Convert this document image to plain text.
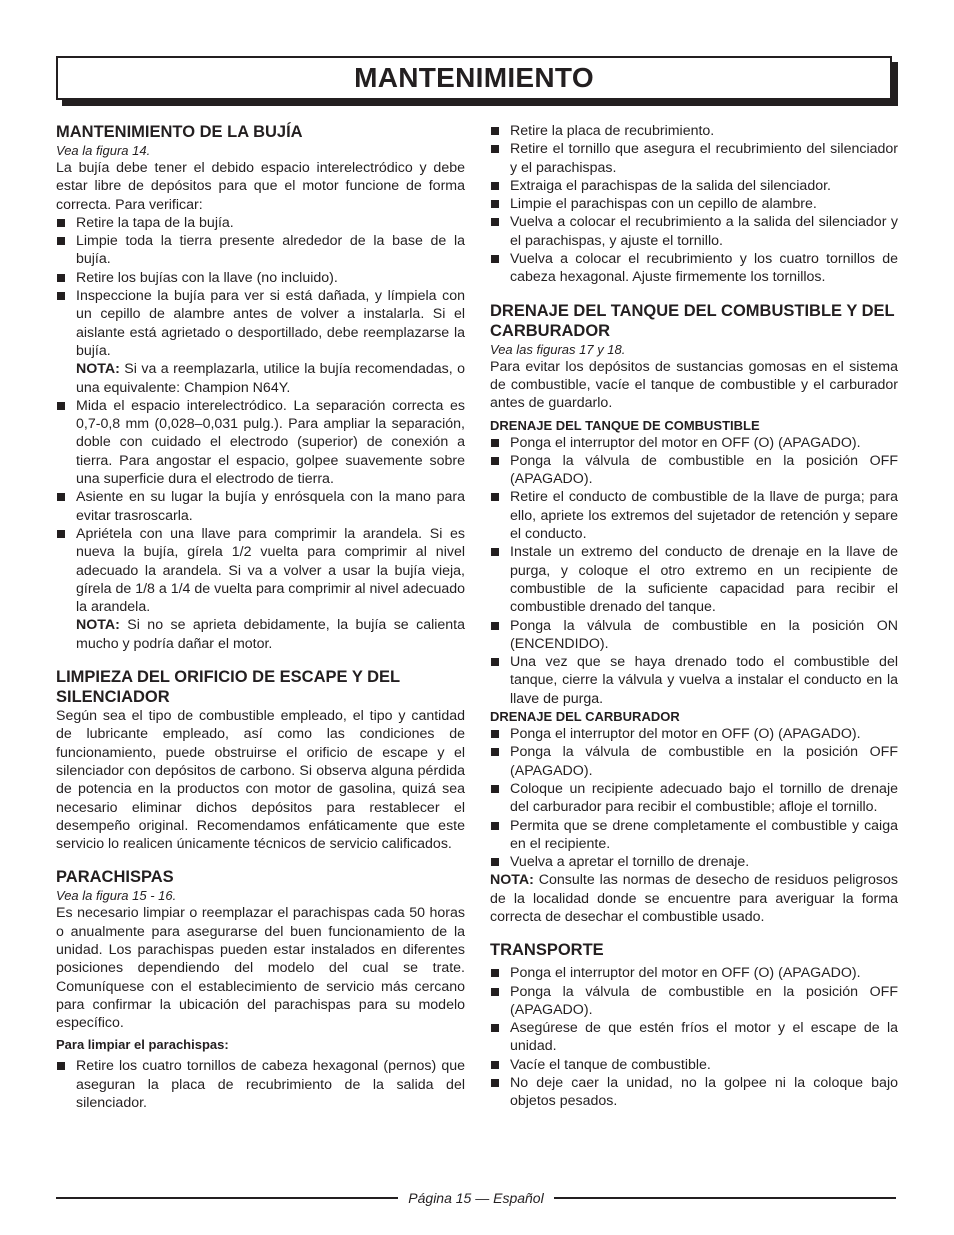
MANTENIMIENTO
MANTENIMIENTO DE LA BUJÍA
Vea la figura 14.

La bujía debe tener el debido espacio interelectródico y debe estar libre de depósitos para que el motor funcione de forma correcta. Para verificar:

Retire la tapa de la bujía.
Limpie toda la tierra presente alrededor de la base de la bujía.
Retire los bujías con la llave (no incluido).
Inspeccione la bujía para ver si está dañada, y límpiela con un cepillo de alambre antes de volver a instalarla. Si el aislante está agrietado o desportillado, debe reemplazarse la bujía.
NOTA: Si va a reemplazarla, utilice la bujía recomendadas, o una equivalente: Champion N64Y.
Mida el espacio interelectródico. La separación correcta es 0,7-0,8 mm (0,028–0,031 pulg.). Para ampliar la separación, doble con cuidado el electrodo (superior) de conexión a tierra. Para angostar el espacio, golpee suavemente sobre una superficie dura el electrodo de tierra.
Asiente en su lugar la bujía y enrósquela con la mano para evitar trasroscarla.
Apriétela con una llave para comprimir la arandela. Si es nueva la bujía, gírela 1/2 vuelta para comprimir al nivel adecuado la arandela. Si va a volver a usar la bujía vieja, gírela de 1/8 a 1/4 de vuelta para comprimir al nivel adecuado la arandela.
NOTA: Si no se aprieta debidamente, la bujía se calienta mucho y podría dañar el motor.
LIMPIEZA DEL ORIFICIO DE ESCAPE Y DEL SILENCIADOR

Según sea el tipo de combustible empleado, el tipo y cantidad de lubricante empleado, así como las condiciones de funcionamiento, puede obstruirse el orificio de escape y el silenciador con depósitos de carbono. Si observa alguna pérdida de potencia en la productos con motor de gasolina, quizá sea necesario eliminar dichos depósitos para restablecer el desempeño original. Recomendamos enfáticamente que este servicio lo realicen únicamente técnicos de servicio calificados.

PARACHISPAS
Vea la figura 15 - 16.

Es necesario limpiar o reemplazar el parachispas cada 50 horas o anualmente para asegurarse del buen funcionamiento de la unidad. Los parachispas pueden estar instalados en diferentes posiciones dependiendo del modelo del cual se trate. Comuníquese con el establecimiento de servicio más cercano para confirmar la ubicación del parachispas para su modelo específico.

Para limpiar el parachispas:
Retire los cuatro tornillos de cabeza hexagonal (pernos) que aseguran la placa de recubrimiento de la salida del silenciador.
Retire la placa de recubrimiento.
Retire el tornillo que asegura el recubrimiento del silenciador y el parachispas.
Extraiga el parachispas de la salida del silenciador.
Limpie el parachispas con un cepillo de alambre.
Vuelva a colocar el recubrimiento a la salida del silenciador y el parachispas, y ajuste el tornillo.
Vuelva a colocar el recubrimiento y los cuatro tornillos de cabeza hexagonal. Ajuste firmemente los tornillos.
DRENAJE DEL TANQUE DEL COMBUSTIBLE Y DEL CARBURADOR
Vea las figuras 17 y 18.

Para evitar los depósitos de sustancias gomosas en el sistema de combustible, vacíe el tanque de combustible y el carburador antes de guardarlo.

DRENAJE DEL TANQUE DE COMBUSTIBLE
Ponga el interruptor del motor en OFF (O) (APAGADO).
Ponga la válvula de combustible en la posición OFF (APAGADO).
Retire el conducto de combustible de la llave de purga; para ello, apriete los extremos del sujetador de retención y separe el conducto.
Instale un extremo del conducto de drenaje en la llave de purga, y coloque el otro extremo en un recipiente de combustible de la suficiente capacidad para recibir el combustible drenado del tanque.
Ponga la válvula de combustible en la posición ON (ENCENDIDO).
Una vez que se haya drenado todo el combustible del tanque, cierre la válvula y vuelva a instalar el conducto en la llave de purga.
DRENAJE DEL CARBURADOR
Ponga el interruptor del motor en OFF (O) (APAGADO).
Ponga la válvula de combustible en la posición OFF (APAGADO).
Coloque un recipiente adecuado bajo el tornillo de drenaje del carburador para recibir el combustible; afloje el tornillo.
Permita que se drene completamente el combustible y caiga en el recipiente.
Vuelva a apretar el tornillo de drenaje.

NOTA: Consulte las normas de desecho de residuos peligrosos de la localidad donde se encuentre para averiguar la forma correcta de desechar el combustible usado.

TRANSPORTE
Ponga el interruptor del motor en OFF (O) (APAGADO).
Ponga la válvula de combustible en la posición OFF (APAGADO).
Asegúrese de que estén fríos el motor y el escape de la unidad.
Vacíe el tanque de combustible.
No deje caer la unidad, no la golpee ni la coloque bajo objetos pesados.
Página 15 — Español
